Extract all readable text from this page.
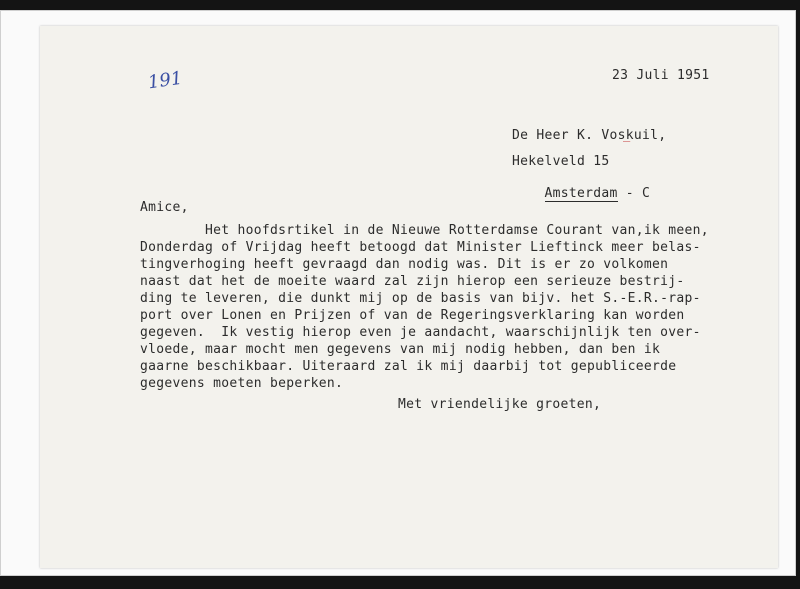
191	23 Juli 1951
De Heer K. Voskuil,
‾
Hekelveld 15

Amsterdam - C

Amice,
Het hoofdsrtikel in de Nieuwe Rotterdamse Courant van,ik meen,
Donderdag of Vrijdag heeft betoogd dat Minister Lieftinck meer belas-
tingverhoging heeft gevraagd dan nodig was. Dit is er zo volkomen
naast dat het de moeite waard zal zijn hierop een serieuze bestrij-
ding te leveren, die dunkt mij op de basis van bijv. het S.-E.R.-rap-
port over Lonen en Prijzen of van de Regeringsverklaring kan worden
gegeven.  Ik vestig hierop even je aandacht, waarschijnlijk ten over-
vloede, maar mocht men gegevens van mij nodig hebben, dan ben ik
gaarne beschikbaar. Uiteraard zal ik mij daarbij tot gepubliceerde
gegevens moeten beperken.
Met vriendelijke groeten,
